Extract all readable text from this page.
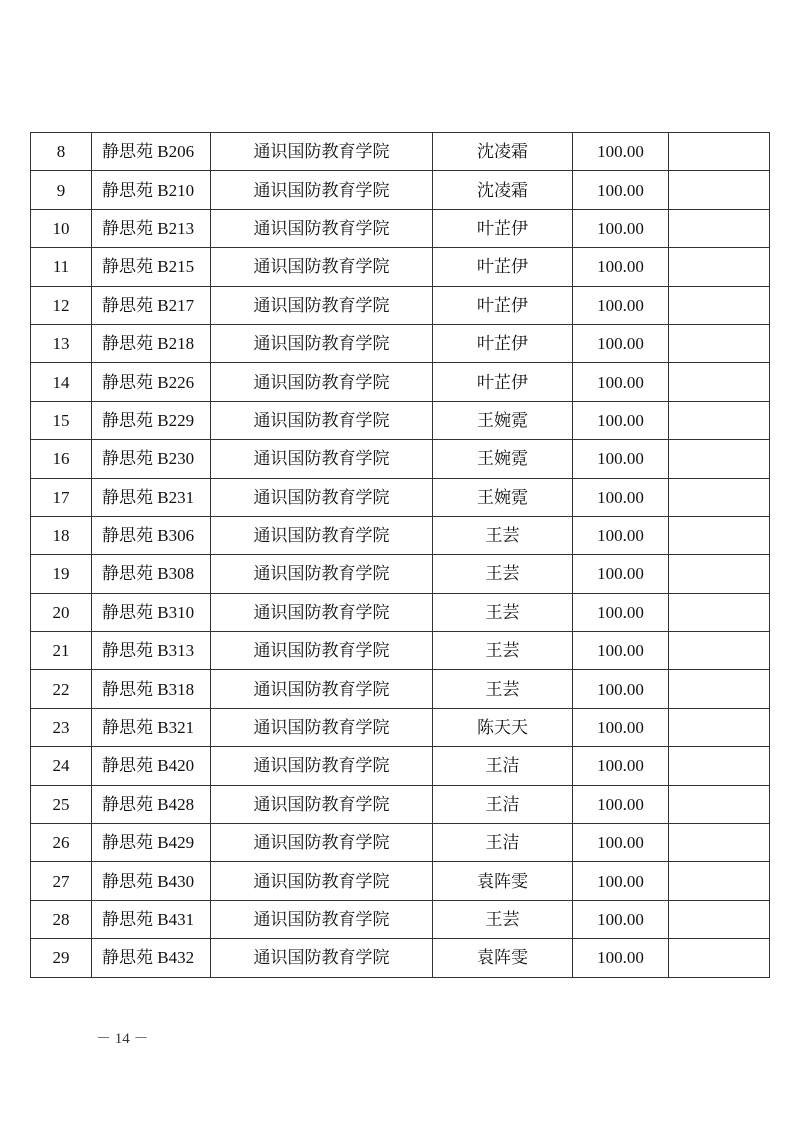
8	静思苑 B206	通识国防教育学院	沈凌霜	100.00	
9	静思苑 B210	通识国防教育学院	沈凌霜	100.00	
10	静思苑 B213	通识国防教育学院	叶芷伊	100.00	
11	静思苑 B215	通识国防教育学院	叶芷伊	100.00	
12	静思苑 B217	通识国防教育学院	叶芷伊	100.00	
13	静思苑 B218	通识国防教育学院	叶芷伊	100.00	
14	静思苑 B226	通识国防教育学院	叶芷伊	100.00	
15	静思苑 B229	通识国防教育学院	王婉霓	100.00	
16	静思苑 B230	通识国防教育学院	王婉霓	100.00	
17	静思苑 B231	通识国防教育学院	王婉霓	100.00	
18	静思苑 B306	通识国防教育学院	王芸	100.00	
19	静思苑 B308	通识国防教育学院	王芸	100.00	
20	静思苑 B310	通识国防教育学院	王芸	100.00	
21	静思苑 B313	通识国防教育学院	王芸	100.00	
22	静思苑 B318	通识国防教育学院	王芸	100.00	
23	静思苑 B321	通识国防教育学院	陈天天	100.00	
24	静思苑 B420	通识国防教育学院	王洁	100.00	
25	静思苑 B428	通识国防教育学院	王洁	100.00	
26	静思苑 B429	通识国防教育学院	王洁	100.00	
27	静思苑 B430	通识国防教育学院	袁阵雯	100.00	
28	静思苑 B431	通识国防教育学院	王芸	100.00	
29	静思苑 B432	通识国防教育学院	袁阵雯	100.00	
－ 14 －
